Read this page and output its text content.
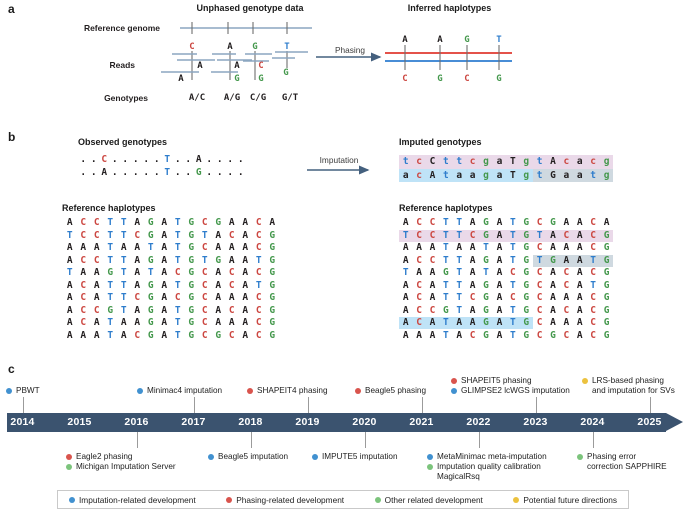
C
A
A
A
A
G
G
C
G
T
G
A/C A/G C/G G/T
A
C
A
G
G
C
T
G
a
b
c
Unphased genotype data	Inferred haplotypes
Reference genome
Reads
Genotypes
Phasing
Observed genotypes	Imputed genotypes
Reference haplotypes	Reference haplotypes
Imputation
. . C . . . . . T . . A . . . .
. . A . . . . . T . . G . . . .
t c C t t c g a T g t A c a c g
a c A t a a g a T g t G a a t g
A C C T T A G A T G C G A A C A
T C C T T C G A T G T A C A C G
A A A T A A T A T G C A A A C G
A C C T T A G A T G T G A A T G
T A A G T A T A C G C A C A C G
A C A T T A G A T G C A C A T G
A C A T T C G A C G C A A A C G
A C C G T A G A T G C A C A C G
A C A T A A G A T G C A A A C G
A A A T A C G A T G C G C A C G
A C C T T A G A T G C G A A C A
T C C T T C G A T G T A C A C G
A A A T A A T A T G C A A A C G
A C C T T A G A T G T G A A T G
T A A G T A T A C G C A C A C G
A C A T T A G A T G C A C A T G
A C A T T C G A C G C A A A C G
A C C G T A G A T G C A C A C G
A C A T A A G A T G C A A A C G
A A A T A C G A T G C G C A C G
2014	2015	2016	2017	2018	2019	2020	2021	2022	2023	2024	2025
PBWT	Minimac4 imputation	SHAPEIT4 phasing	Beagle5 phasing
SHAPEIT5 phasing
GLIMPSE2 lcWGS imputation
LRS-based phasing
and imputation for SVs
Eagle2 phasing
Michigan Imputation Server
Beagle5 imputation	IMPUTE5 imputation	MetaMinimac meta-imputation
Imputation quality calibration
MagicalRsq
Phasing error
correction SAPPHIRE
Imputation-related development	Phasing-related development	Other related development	Potential future directions
